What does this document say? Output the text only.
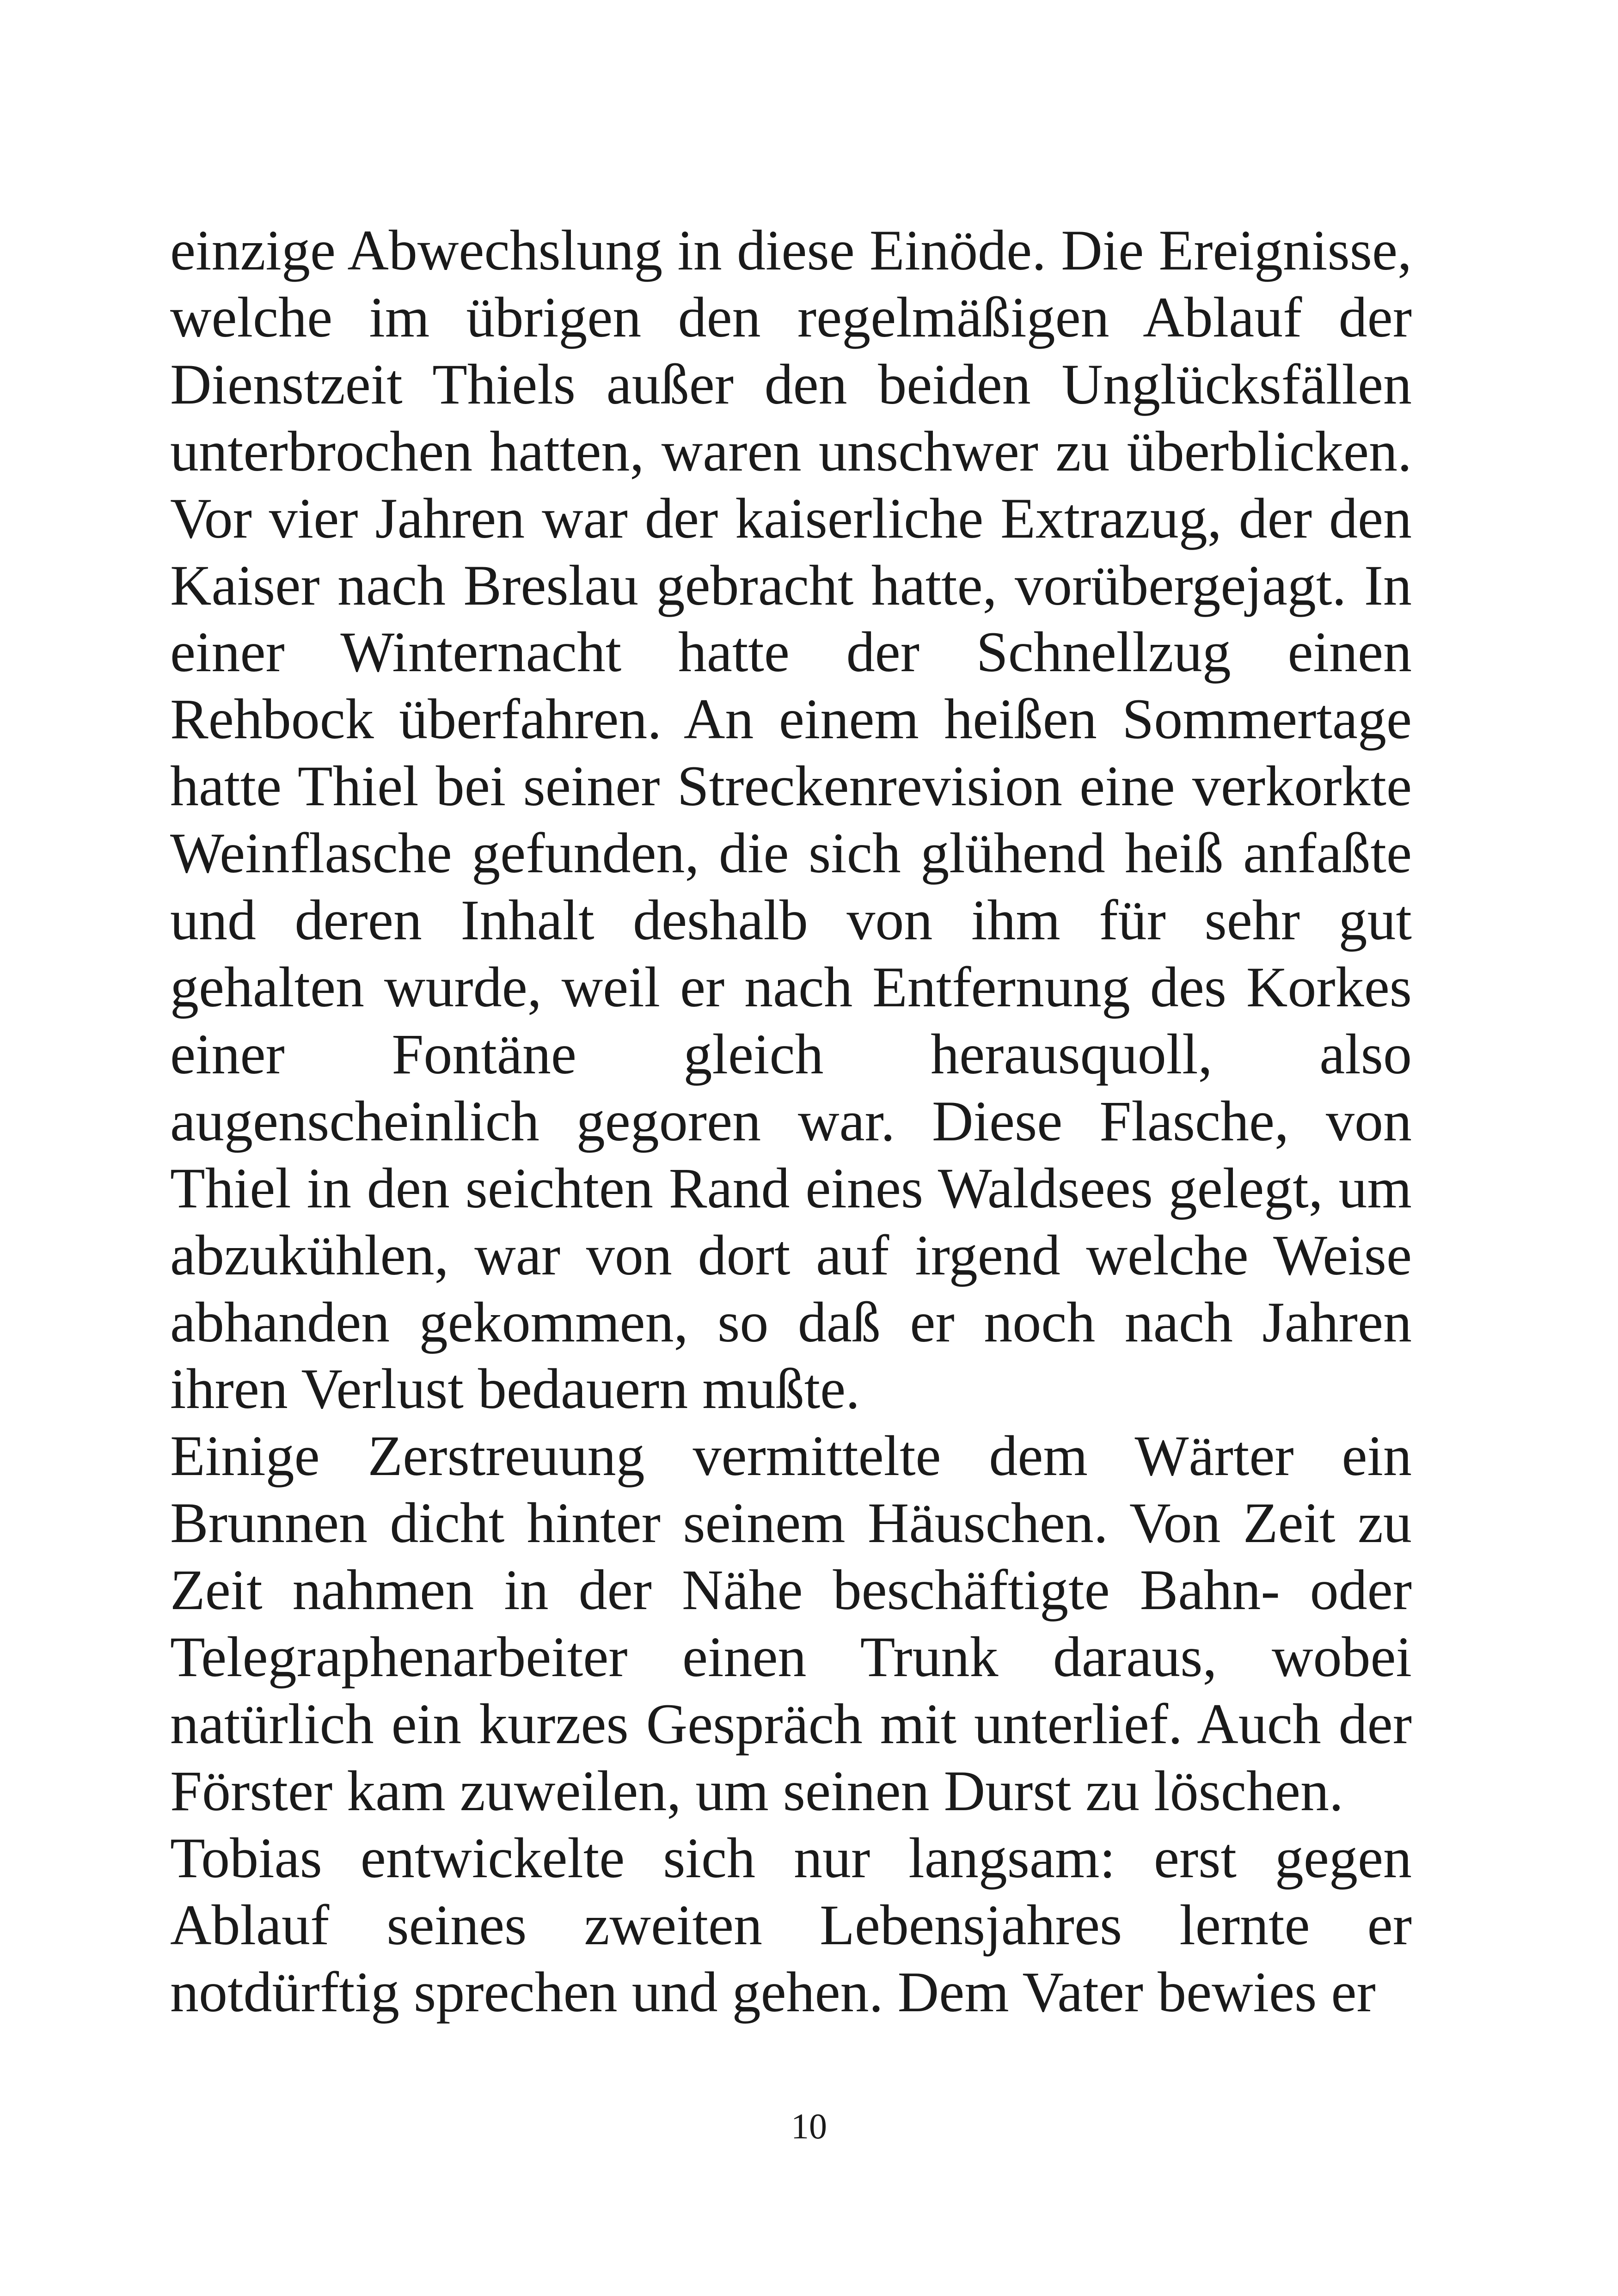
einzige Abwechslung in diese Einöde. Die Ereignisse, welche im übrigen den regelmäßigen Ablauf der Dienstzeit Thiels außer den beiden Unglücksfällen unterbrochen hatten, waren unschwer zu überblicken. Vor vier Jahren war der kaiserliche Extrazug, der den Kaiser nach Breslau gebracht hatte, vorübergejagt. In einer Winternacht hatte der Schnellzug einen Rehbock überfahren. An einem heißen Sommertage hatte Thiel bei seiner Streckenrevision eine verkorkte Weinflasche gefunden, die sich glühend heiß anfaßte und deren Inhalt deshalb von ihm für sehr gut gehalten wurde, weil er nach Entfernung des Korkes einer Fontäne gleich herausquoll, also augenscheinlich gegoren war. Diese Flasche, von Thiel in den seichten Rand eines Waldsees gelegt, um abzukühlen, war von dort auf irgend welche Weise abhanden gekommen, so daß er noch nach Jahren ihren Verlust bedauern mußte.

Einige Zerstreuung vermittelte dem Wärter ein Brunnen dicht hinter seinem Häuschen. Von Zeit zu Zeit nahmen in der Nähe beschäftigte Bahn- oder Telegraphenarbeiter einen Trunk daraus, wobei natürlich ein kurzes Gespräch mit unterlief. Auch der Förster kam zuweilen, um seinen Durst zu löschen.

Tobias entwickelte sich nur langsam: erst gegen Ablauf seines zweiten Lebensjahres lernte er notdürftig sprechen und gehen. Dem Vater bewies er

10
